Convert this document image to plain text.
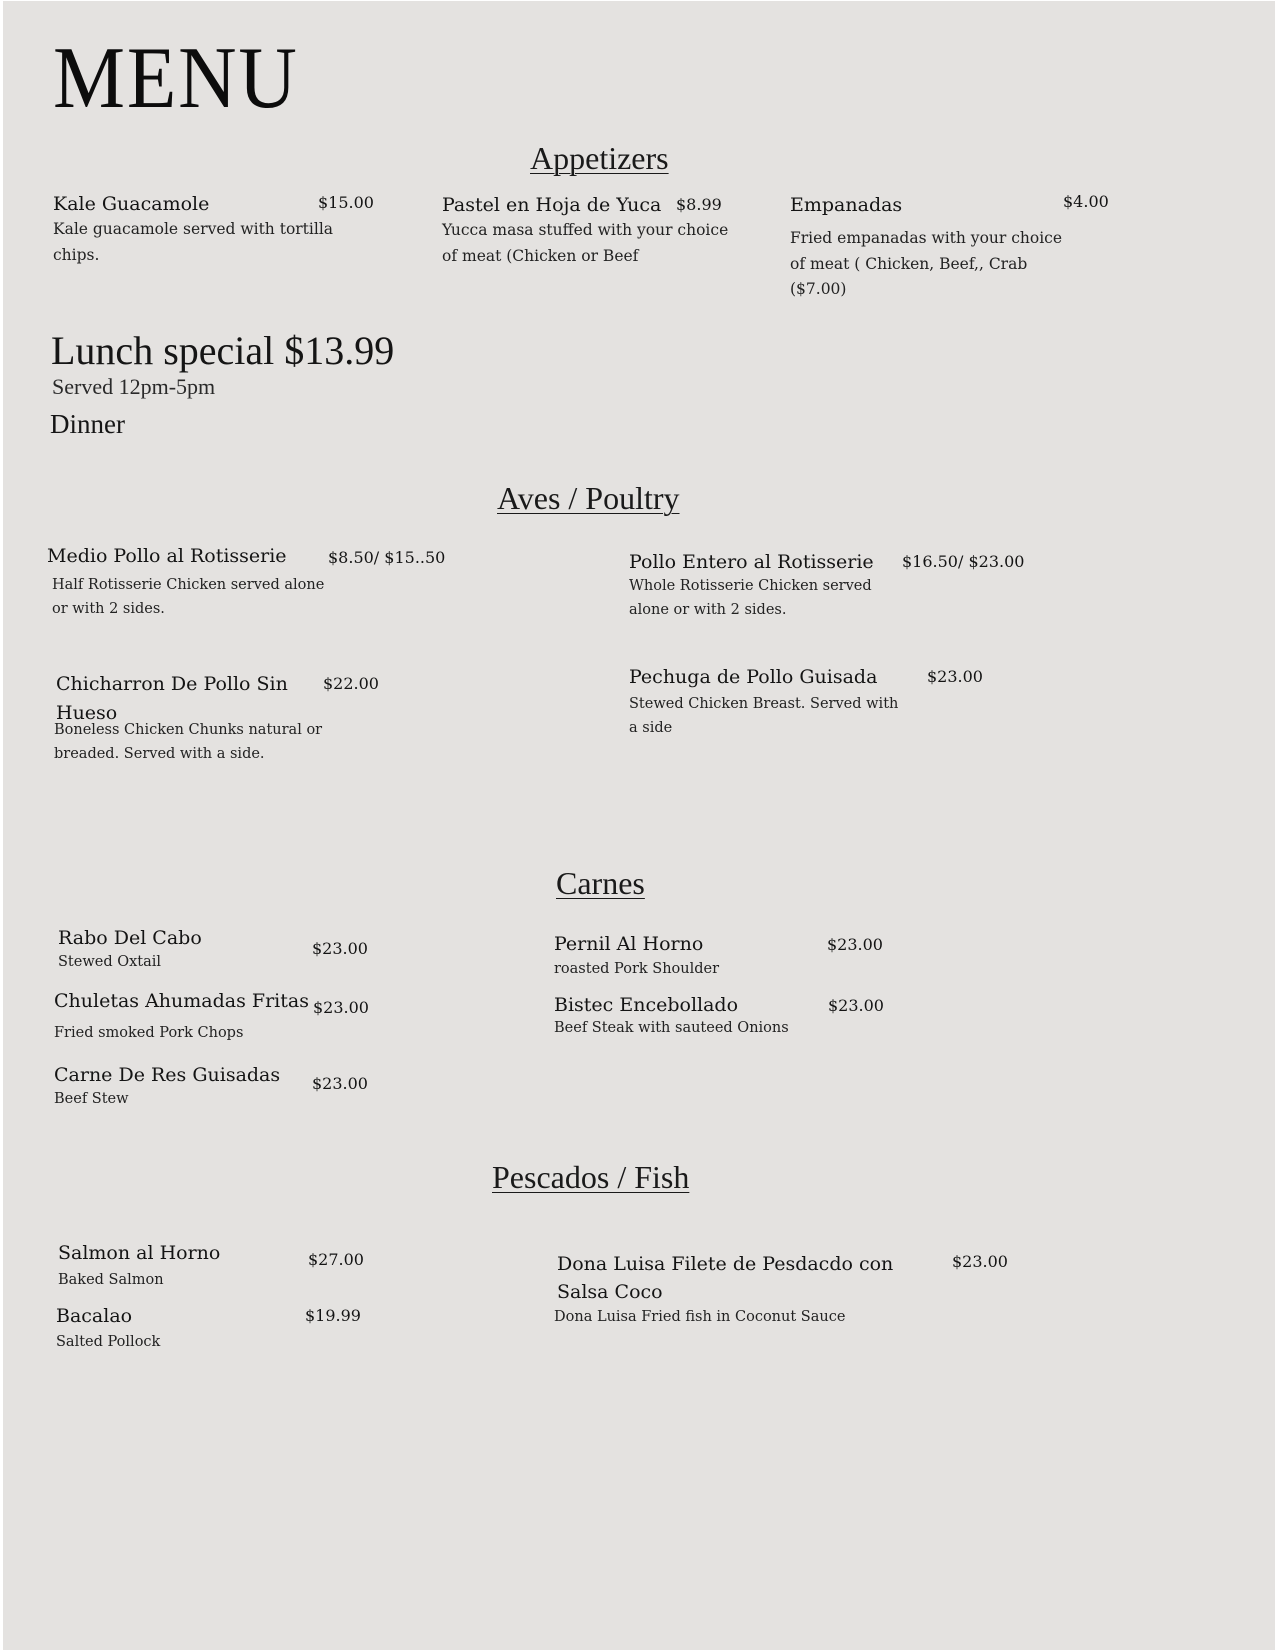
MENU
Appetizers
Kale Guacamole	$15.00
Kale guacamole served with tortilla chips.
Pastel en Hoja de Yuca $8.99
Yucca masa stuffed with your choice of meat (Chicken or Beef
Empanadas	$4.00
Fried empanadas with your choice of meat ( Chicken, Beef,, Crab ($7.00)
Lunch special $13.99
Served 12pm-5pm
Dinner
Aves / Poultry
Medio Pollo al Rotisserie	$8.50/ $15..50
Half Rotisserie Chicken served alone or with 2 sides.
Pollo Entero al Rotisserie $16.50/ $23.00
Whole Rotisserie Chicken served alone or with 2 sides.
Chicharron De Pollo Sin Hueso
$22.00
Boneless Chicken Chunks natural or breaded. Served with a side.
Pechuga de Pollo Guisada	$23.00
Stewed Chicken Breast. Served with a side
Carnes
Rabo Del Cabo	$23.00
Stewed Oxtail
Chuletas Ahumadas Fritas $23.00
Fried smoked Pork Chops
Carne De Res Guisadas $23.00
Beef Stew
Pernil Al Horno	$23.00
roasted Pork Shoulder
Bistec Encebollado	$23.00
Beef Steak with sauteed Onions
Pescados / Fish
Salmon al Horno	$27.00
Baked Salmon
Bacalao	$19.99
Salted Pollock
Dona Luisa Filete de Pesdacdo con Salsa Coco
$23.00
Dona Luisa Fried fish in Coconut Sauce
